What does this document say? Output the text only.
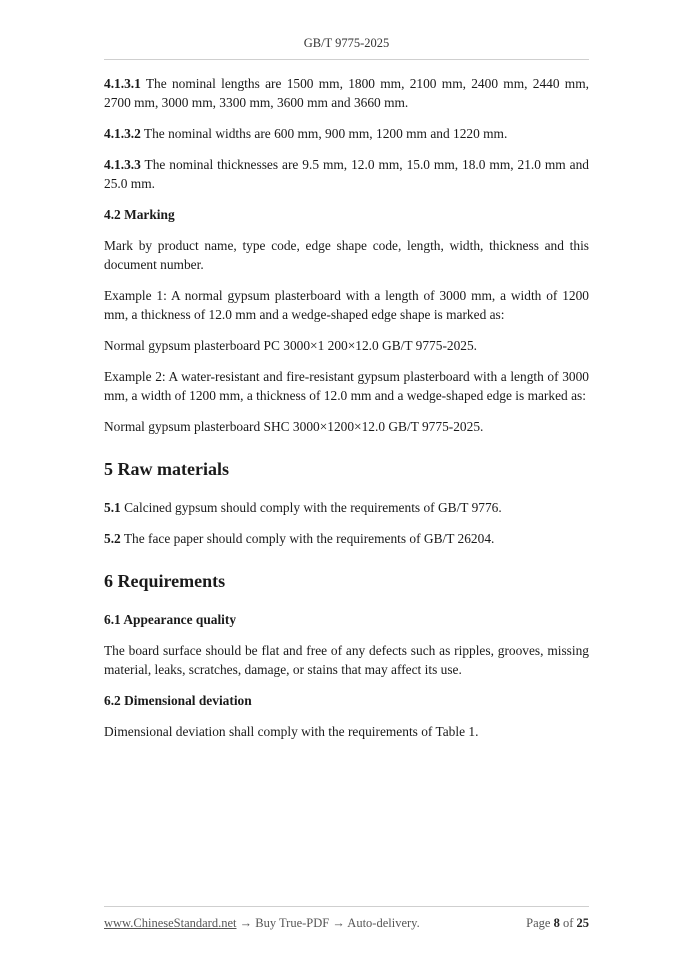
GB/T 9775-2025

4.1.3.1 The nominal lengths are 1500 mm, 1800 mm, 2100 mm, 2400 mm, 2440 mm, 2700 mm, 3000 mm, 3300 mm, 3600 mm and 3660 mm.

4.1.3.2 The nominal widths are 600 mm, 900 mm, 1200 mm and 1220 mm.

4.1.3.3 The nominal thicknesses are 9.5 mm, 12.0 mm, 15.0 mm, 18.0 mm, 21.0 mm and 25.0 mm.

4.2 Marking

Mark by product name, type code, edge shape code, length, width, thickness and this document number.

Example 1: A normal gypsum plasterboard with a length of 3000 mm, a width of 1200 mm, a thickness of 12.0 mm and a wedge-shaped edge shape is marked as:

Normal gypsum plasterboard PC 3000×1 200×12.0 GB/T 9775-2025.

Example 2: A water-resistant and fire-resistant gypsum plasterboard with a length of 3000 mm, a width of 1200 mm, a thickness of 12.0 mm and a wedge-shaped edge is marked as:

Normal gypsum plasterboard SHC 3000×1200×12.0 GB/T 9775-2025.

5 Raw materials

5.1 Calcined gypsum should comply with the requirements of GB/T 9776.

5.2 The face paper should comply with the requirements of GB/T 26204.

6 Requirements
6.1 Appearance quality

The board surface should be flat and free of any defects such as ripples, grooves, missing material, leaks, scratches, damage, or stains that may affect its use.

6.2 Dimensional deviation

Dimensional deviation shall comply with the requirements of Table 1.

www.ChineseStandard.net → Buy True-PDF → Auto-delivery.	Page 8 of 25
